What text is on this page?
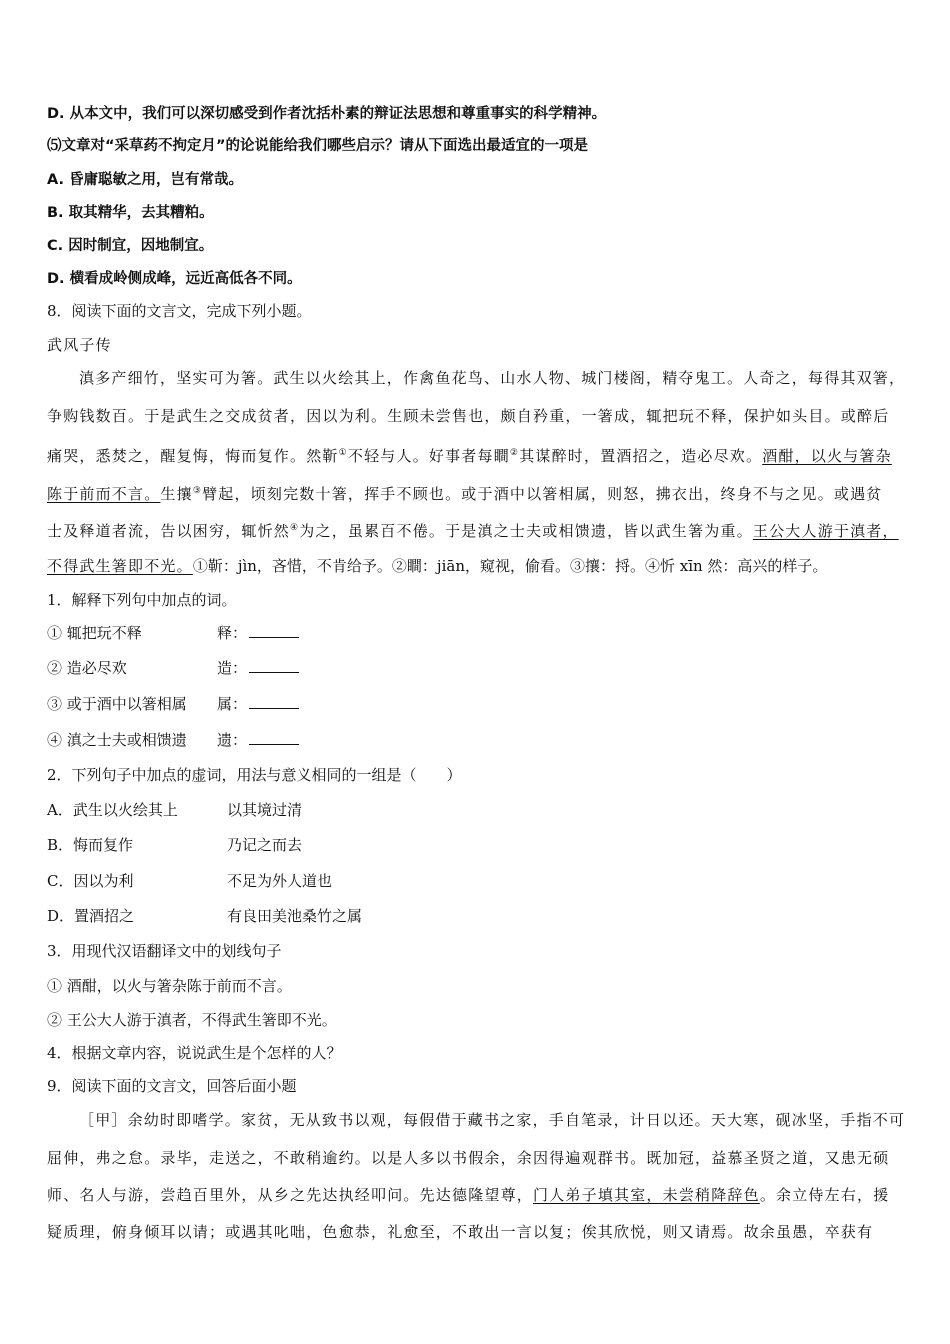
D. 从本文中，我们可以深切感受到作者沈括朴素的辩证法思想和尊重事实的科学精神。
⑸文章对“采草药不拘定月”的论说能给我们哪些启示？请从下面选出最适宜的一项是
A. 昏庸聪敏之用，岂有常哉。
B. 取其精华，去其糟粕。
C. 因时制宜，因地制宜。
D. 横看成岭侧成峰，远近高低各不同。
8．阅读下面的文言文，完成下列小题。
武风子传
滇多产细竹，坚实可为箸。武生以火绘其上，作禽鱼花鸟、山水人物、城门楼阁，精夺鬼工。人奇之，每得其双箸，
争购钱数百。于是武生之交成贫者，因以为利。生顾未尝售也，颇自矜重，一箸成，辄把玩不释，保护如头目。或醉后
痛哭，悉焚之，醒复悔，悔而复作。然靳①不轻与人。好事者每瞷②其谋醉时，置酒招之，造必尽欢。酒酣，以火与箸杂
陈于前而不言。生攘③臂起，顷刻完数十箸，挥手不顾也。或于酒中以箸相属，则怒，拂衣出，终身不与之见。或遇贫
士及释道者流，告以困穷，辄忻然④为之，虽累百不倦。于是滇之士夫或相馈遗，皆以武生箸为重。王公大人游于滇者，
不得武生箸即不光。①靳：jìn，吝惜，不肯给予。②瞷：jiān，窥视，偷看。③攘：捋。④忻 xīn 然：高兴的样子。
1．解释下列句中加点的词。
① 辄把玩不释	释：
② 造必尽欢	造：
③ 或于酒中以箸相属 属：
④ 滇之士夫或相馈遗 遗：
2．下列句子中加点的虚词，用法与意义相同的一组是（　　）
A．武生以火绘其上	以其境过清
B．悔而复作	乃记之而去
C．因以为利	不足为外人道也
D．置酒招之	有良田美池桑竹之属
3．用现代汉语翻译文中的划线句子
① 酒酣，以火与箸杂陈于前而不言。
② 王公大人游于滇者，不得武生箸即不光。
4．根据文章内容，说说武生是个怎样的人？
9．阅读下面的文言文，回答后面小题
［甲］余幼时即嗜学。家贫，无从致书以观，每假借于藏书之家，手自笔录，计日以还。天大寒，砚冰坚，手指不可
屈伸，弗之怠。录毕，走送之，不敢稍逾约。以是人多以书假余，余因得遍观群书。既加冠，益慕圣贤之道，又患无硕
师、名人与游，尝趋百里外，从乡之先达执经叩问。先达德隆望尊，门人弟子填其室，未尝稍降辞色。余立侍左右，援
疑质理，俯身倾耳以请；或遇其叱咄，色愈恭，礼愈至，不敢出一言以复；俟其欣悦，则又请焉。故余虽愚，卒获有
